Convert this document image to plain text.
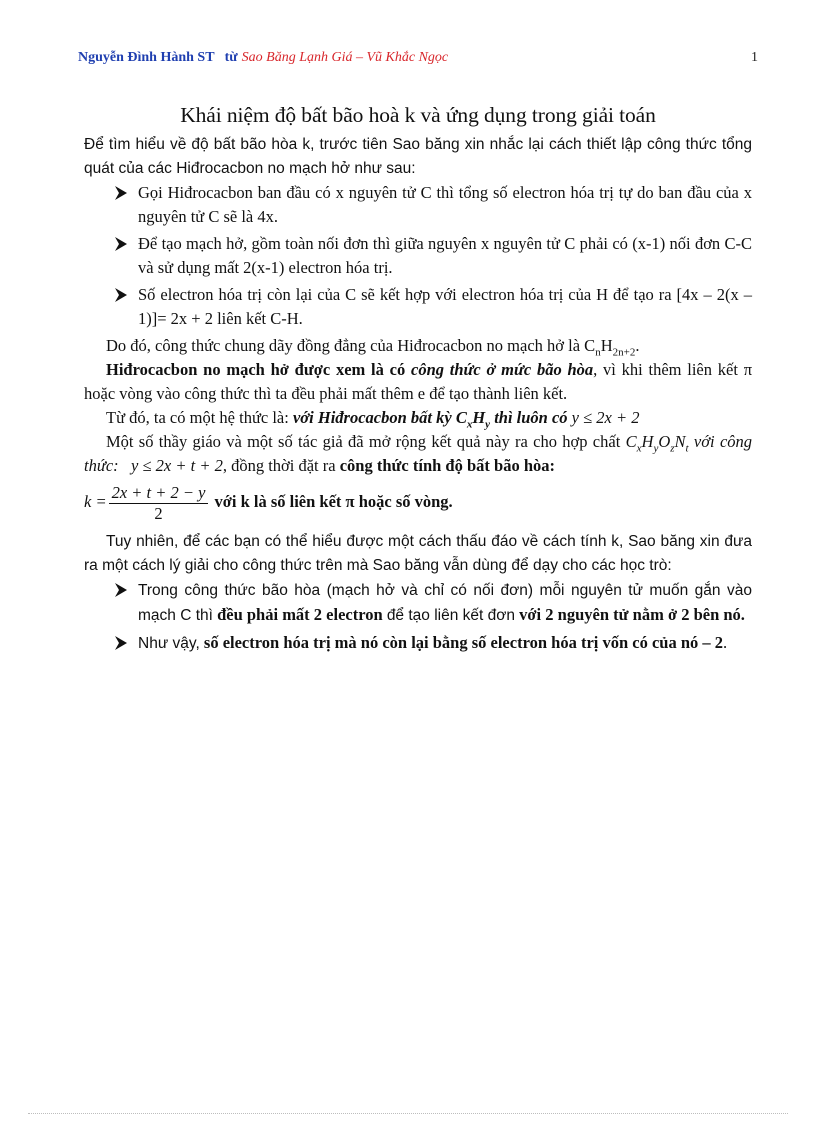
Nguyễn Đình Hành ST từ Sao Băng Lạnh Giá – Vũ Khắc Ngọc	1
Khái niệm độ bất bão hoà k và ứng dụng trong giải toán

Để tìm hiểu về độ bất bão hòa k, trước tiên Sao băng xin nhắc lại cách thiết lập công thức tổng quát của các Hiđrocacbon no mạch hở như sau:

Gọi Hiđrocacbon ban đầu có x nguyên tử C thì tổng số electron hóa trị tự do ban đầu của x nguyên tử C sẽ là 4x.
Để tạo mạch hở, gồm toàn nối đơn thì giữa nguyên x nguyên tử C phải có (x-1) nối đơn C-C và sử dụng mất 2(x-1) electron hóa trị.
Số electron hóa trị còn lại của C sẽ kết hợp với electron hóa trị của H để tạo ra [4x – 2(x – 1)]= 2x + 2 liên kết C-H.

Do đó, công thức chung dãy đồng đẳng của Hiđrocacbon no mạch hở là $C_nH_{2n+2}$.

Hiđrocacbon no mạch hở được xem là có công thức ở mức bão hòa, vì khi thêm liên kết π hoặc vòng vào công thức thì ta đều phải mất thêm e để tạo thành liên kết.

Từ đó, ta có một hệ thức là: với Hiđrocacbon bất kỳ $C_xH_y$ thì luôn có y ≤ 2x + 2

Một số thầy giáo và một số tác giả đã mở rộng kết quả này ra cho hợp chất $C_xH_yO_zN_t$ với công thức: y ≤ 2x + t + 2, đồng thời đặt ra công thức tính độ bất bão hòa:

$k = \frac{2x + t + 2 - y}{2}$ với k là số liên kết π hoặc số vòng.

Tuy nhiên, để các bạn có thể hiểu được một cách thấu đáo về cách tính k, Sao băng xin đưa ra một cách lý giải cho công thức trên mà Sao băng vẫn dùng để dạy cho các học trò:

Trong công thức bão hòa (mạch hở và chỉ có nối đơn) mỗi nguyên tử muốn gắn vào mạch C thì đều phải mất 2 electron để tạo liên kết đơn với 2 nguyên tử nằm ở 2 bên nó.
Như vậy, số electron hóa trị mà nó còn lại bằng số electron hóa trị vốn có của nó – 2.
